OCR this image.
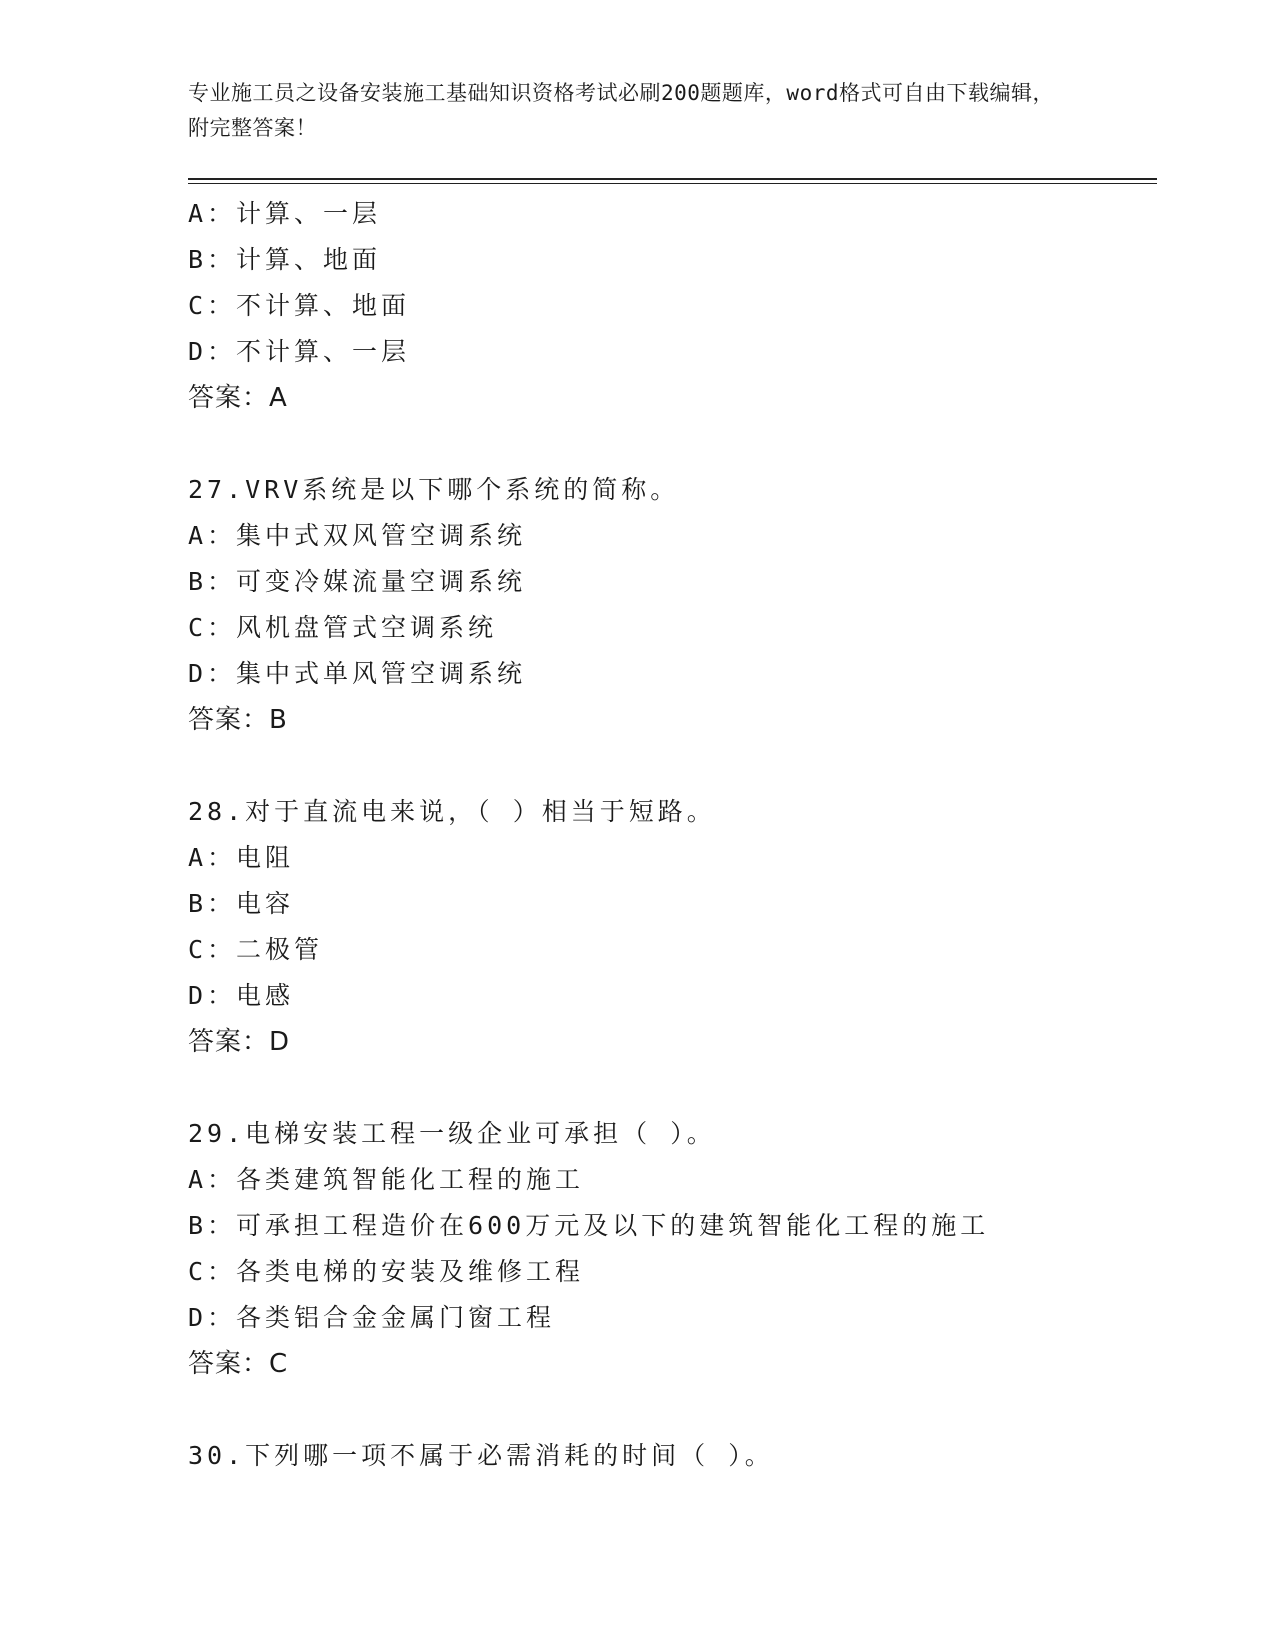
专业施工员之设备安装施工基础知识资格考试必刷200题题库，word格式可自由下载编辑，附完整答案！
A：计算、一层
B：计算、地面
C：不计算、地面
D：不计算、一层
答案：A
27.VRV系统是以下哪个系统的简称。
A：集中式双风管空调系统
B：可变冷媒流量空调系统
C：风机盘管式空调系统
D：集中式单风管空调系统
答案：B
28.对于直流电来说，（ ）相当于短路。
A：电阻
B：电容
C：二极管
D：电感
答案：D
29.电梯安装工程一级企业可承担（ ）。
A：各类建筑智能化工程的施工
B：可承担工程造价在600万元及以下的建筑智能化工程的施工
C：各类电梯的安装及维修工程
D：各类铝合金金属门窗工程
答案：C
30.下列哪一项不属于必需消耗的时间（ ）。
